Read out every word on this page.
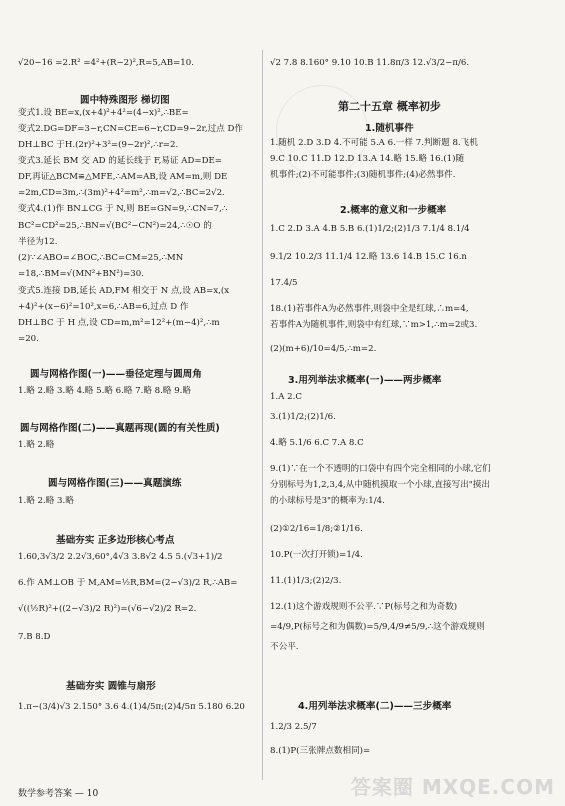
√20−16 =2.R² =4²+(R−2)²,R=5,AB=10.
圆中特殊图形 梯切图
变式1.设 BE=x,(x+4)²+4²=(4−x)²,∴BE=
变式2.DG=DF=3−r,CN=CE=6−r,CD=9−2r,过点 D作
DH⊥BC 于H.(2r)²+3²=(9−2r)²,∴r=2.
变式3.延长 BM 交 AD 的延长线于 F,易证 AD=DE=
DF,再证△BCM≌△MFE,∴AM=AB,设 AM=m,则 DE
=2m,CD=3m,∴(3m)²+4²=m²,∴m=√2,∴BC=2√2.
变式4.(1)作 BN⊥CG 于 N,则 BE=GN=9,∴CN=7,∴
BC²=CD²=25,∴BN=√(BC²−CN²)=24,∴☉O 的
半径为12.
(2)∵∠ABO=∠BOC,∴BC=CM=25,∴MN
=18,∴BM=√(MN²+BN²)=30.
变式5.连接 DB,延长 AD,FM 相交于 N 点,设 AB=x,(x
+4)²+(x−6)²=10²,x=6,∴AB=6,过点 D 作
DH⊥BC 于 H 点,设 CD=m,m²=12²+(m−4)²,∴m
=20.
圆与网格作图(一)——垂径定理与圆周角
1.略 2.略 3.略 4.略 5.略 6.略 7.略 8.略 9.略
圆与网格作图(二)——真题再现(圆的有关性质)
1.略 2.略
圆与网格作图(三)——真题演练
1.略 2.略 3.略
基础夯实 正多边形核心考点
1.60,3√3/2 2.2√3,60°,4√3 3.8√2 4.5 5.(√3+1)/2
6.作 AM⊥OB 于 M,AM=½R,BM=(2−√3)/2 R,∴AB=
√((½R)²+((2−√3)/2 R)²)=(√6−√2)/2 R=2.
7.B 8.D
基础夯实 圆锥与扇形
1.π−(3/4)√3 2.150° 3.6 4.(1)4/5π;(2)4/5π 5.180 6.20
数学参考答案 — 10
√2 7.8 8.160° 9.10 10.B 11.8π/3 12.√3/2−π/6.
第二十五章 概率初步
1.随机事件
1.随机 2.D 3.D 4.不可能 5.A 6.一样 7.判断题 8.飞机
9.C 10.C 11.D 12.D 13.A 14.略 15.略 16.(1)随
机事件;(2)不可能事件;(3)随机事件;(4)必然事件.
2.概率的意义和一步概率
1.C 2.D 3.A 4.B 5.B 6.(1)1/2;(2)1/3 7.1/4 8.1/4
9.1/2 10.2/3 11.1/4 12.略 13.6 14.B 15.C 16.n
17.4/5
18.(1)若事件A为必然事件,则袋中全是红球,∴m=4,
若事件A为随机事件,则袋中有红球,∵m>1,∴m=2或3.
(2)(m+6)/10=4/5,∴m=2.
3.用列举法求概率(一)——两步概率
1.A 2.C
3.(1)1/2;(2)1/6.
4.略 5.1/6 6.C 7.A 8.C
9.(1)∵在一个不透明的口袋中有四个完全相同的小球,它们
分别标号为1,2,3,4,从中随机摸取一个小球,直接写出"摸出
的小球标号是3"的概率为:1/4.
(2)①2/16=1/8;②1/16.
10.P(一次打开锁)=1/4.
11.(1)1/3;(2)2/3.
12.(1)这个游戏规则不公平.∵P(标号之和为奇数)
=4/9,P(标号之和为偶数)=5/9,4/9≠5/9,∴这个游戏规则
不公平.
4.用列举法求概率(二)——三步概率
1.2/3 2.5/7
8.(1)P(三张牌点数相同)=
答案圈 MXQE.COM
